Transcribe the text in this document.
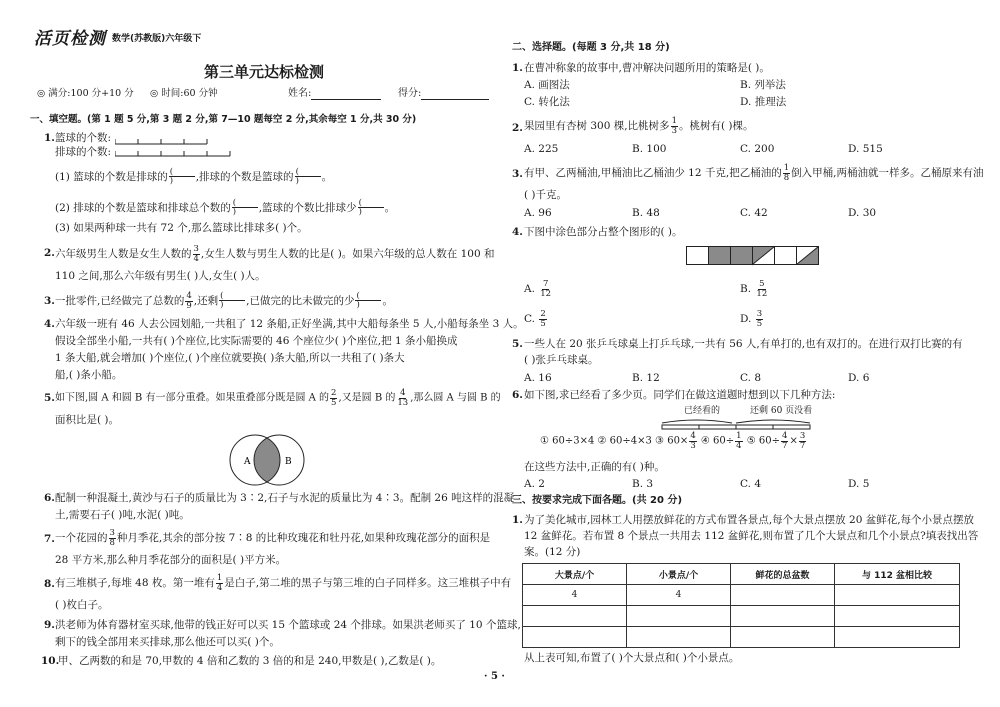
活页检测 数学(苏教版)六年级下
第三单元达标检测
◎ 满分:100 分+10 分 ◎ 时间:60 分钟	姓名:	得分:
一、填空题。(第 1 题 5 分,第 3 题 2 分,第 7—10 题每空 2 分,其余每空 1 分,共 30 分)
1. 篮球的个数:
排球的个数:
(1) 篮球的个数是排球的 $\frac{(}{)}$ ,排球的个数是篮球的 $\frac{(}{)}$ 。
(2) 排球的个数是篮球和排球总个数的 $\frac{(}{)}$ ,篮球的个数比排球少 $\frac{(}{)}$ 。
(3) 如果两种球一共有 72 个,那么篮球比排球多( )个。
2. 六年级男生人数是女生人数的 $\frac{3}{4}$ ,女生人数与男生人数的比是( )。如果六年级的总人数在 100 和
110 之间,那么六年级有男生( )人,女生( )人。
3. 一批零件,已经做完了总数的 $\frac{4}{9}$ ,还剩 $\frac{(}{)}$ ,已做完的比未做完的少 $\frac{(}{)}$ 。
4. 六年级一班有 46 人去公园划船,一共租了 12 条船,正好坐满,其中大船每条坐 5 人,小船每条坐 3 人。
假设全部坐小船,一共有( )个座位,比实际需要的 46 个座位少( )个座位,把 1 条小船换成
1 条大船,就会增加( )个座位,( )个座位就要换( )条大船,所以一共租了( )条大
船,( )条小船。
5. 如下图,圆 A 和圆 B 有一部分重叠。如果重叠部分既是圆 A 的 $\frac{2}{5}$ ,又是圆 B 的 $\frac{4}{13}$ ,那么圆 A 与圆 B 的
面积比是( )。
A	B
6. 配制一种混凝土,黄沙与石子的质量比为 3∶2,石子与水泥的质量比为 4∶3。配制 26 吨这样的混凝
土,需要石子( )吨,水泥( )吨。
7. 一个花园的 $\frac{3}{8}$ 种月季花,其余的部分按 7∶8 的比种玫瑰花和牡丹花,如果种玫瑰花部分的面积是
28 平方米,那么种月季花部分的面积是( )平方米。
8. 有三堆棋子,每堆 48 枚。第一堆有 $\frac{1}{4}$ 是白子,第二堆的黑子与第三堆的白子同样多。这三堆棋子中有
( )枚白子。
9. 洪老师为体育器材室买球,他带的钱正好可以买 15 个篮球或 24 个排球。如果洪老师买了 10 个篮球,
剩下的钱全部用来买排球,那么他还可以买( )个。
10.
甲、乙两数的和是 70,甲数的 4 倍和乙数的 3 倍的和是 240,甲数是( ),乙数是( )。
二、选择题。(每题 3 分,共 18 分)
1. 在曹冲称象的故事中,曹冲解决问题所用的策略是( )。
A. 画图法	B. 列举法
C. 转化法	D. 推理法
2. 果园里有杏树 300 棵,比桃树多 $\frac{1}{3}$ 。桃树有( )棵。
A. 225	B. 100	C. 200	D. 515
3. 有甲、乙两桶油,甲桶油比乙桶油少 12 千克,把乙桶油的 $\frac{1}{8}$ 倒入甲桶,两桶油就一样多。乙桶原来有油
( )千克。
A. 96	B. 48	C. 42	D. 30
4. 下图中涂色部分占整个图形的( )。
A. $\frac{7}{12}$	B. $\frac{5}{12}$
C. $\frac{2}{5}$	D. $\frac{3}{5}$
5. 一些人在 20 张乒乓球桌上打乒乓球,一共有 56 人,有单打的,也有双打的。在进行双打比赛的有
( )张乒乓球桌。
A. 16	B. 12	C. 8	D. 6
6. 如下图,求已经看了多少页。同学们在做这道题时想到以下几种方法:
已经看的	还剩 60 页没看
① 60÷3×4 ② 60÷4×3 ③ $60\times \frac{4}{3}$ ④ $60\div \frac{1}{4}$ ⑤ $60\div \frac{4}{7} \times \frac{3}{7}$
在这些方法中,正确的有( )种。
A. 2	B. 3	C. 4	D. 5
三、按要求完成下面各题。(共 20 分)
1. 为了美化城市,园林工人用摆放鲜花的方式布置各景点,每个大景点摆放 20 盆鲜花,每个小景点摆放
12 盆鲜花。若布置 8 个景点一共用去 112 盆鲜花,则布置了几个大景点和几个小景点?填表找出答
案。(12 分)
大景点/个	小景点/个	鲜花的总盆数	与 112 盆相比较
4	4		

从上表可知,布置了( )个大景点和( )个小景点。
· 5 ·
